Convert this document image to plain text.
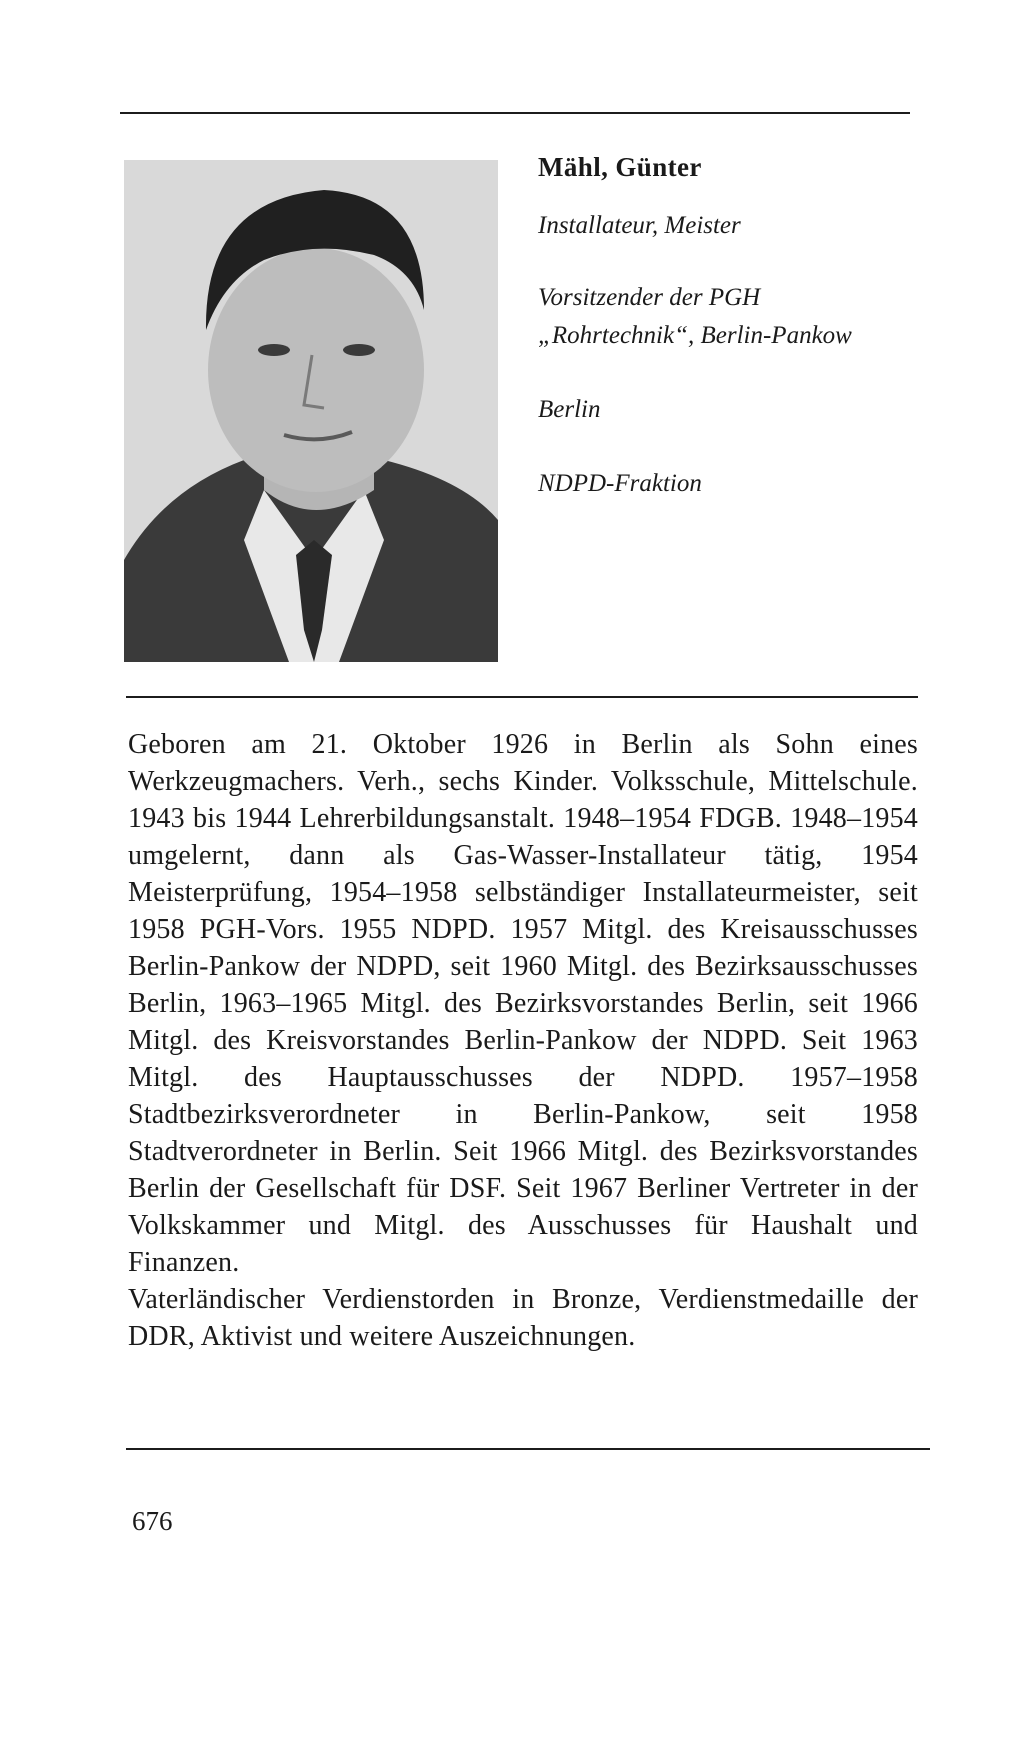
Mähl, Günter

Installateur, Meister

Vorsitzender der PGH

„Rohrtechnik“, Berlin-Pankow

Berlin

NDPD-Fraktion

Geboren am 21. Oktober 1926 in Berlin als Sohn eines Werkzeugmachers. Verh., sechs Kinder. Volksschule, Mittelschule. 1943 bis 1944 Lehrerbildungsanstalt. 1948–1954 FDGB. 1948–1954 umgelernt, dann als Gas-Wasser-Installateur tätig, 1954 Meisterprüfung, 1954–1958 selbständiger Installateurmeister, seit 1958 PGH-Vors. 1955 NDPD. 1957 Mitgl. des Kreisausschusses Berlin-Pankow der NDPD, seit 1960 Mitgl. des Bezirksausschusses Berlin, 1963–1965 Mitgl. des Bezirksvorstandes Berlin, seit 1966 Mitgl. des Kreisvorstandes Berlin-Pankow der NDPD. Seit 1963 Mitgl. des Hauptausschusses der NDPD. 1957–1958 Stadtbezirksverordneter in Berlin-Pankow, seit 1958 Stadtverordneter in Berlin. Seit 1966 Mitgl. des Bezirksvorstandes Berlin der Gesellschaft für DSF. Seit 1967 Berliner Vertreter in der Volkskammer und Mitgl. des Ausschusses für Haushalt und Finanzen.

Vaterländischer Verdienstorden in Bronze, Verdienstmedaille der DDR, Aktivist und weitere Auszeichnungen.

676
